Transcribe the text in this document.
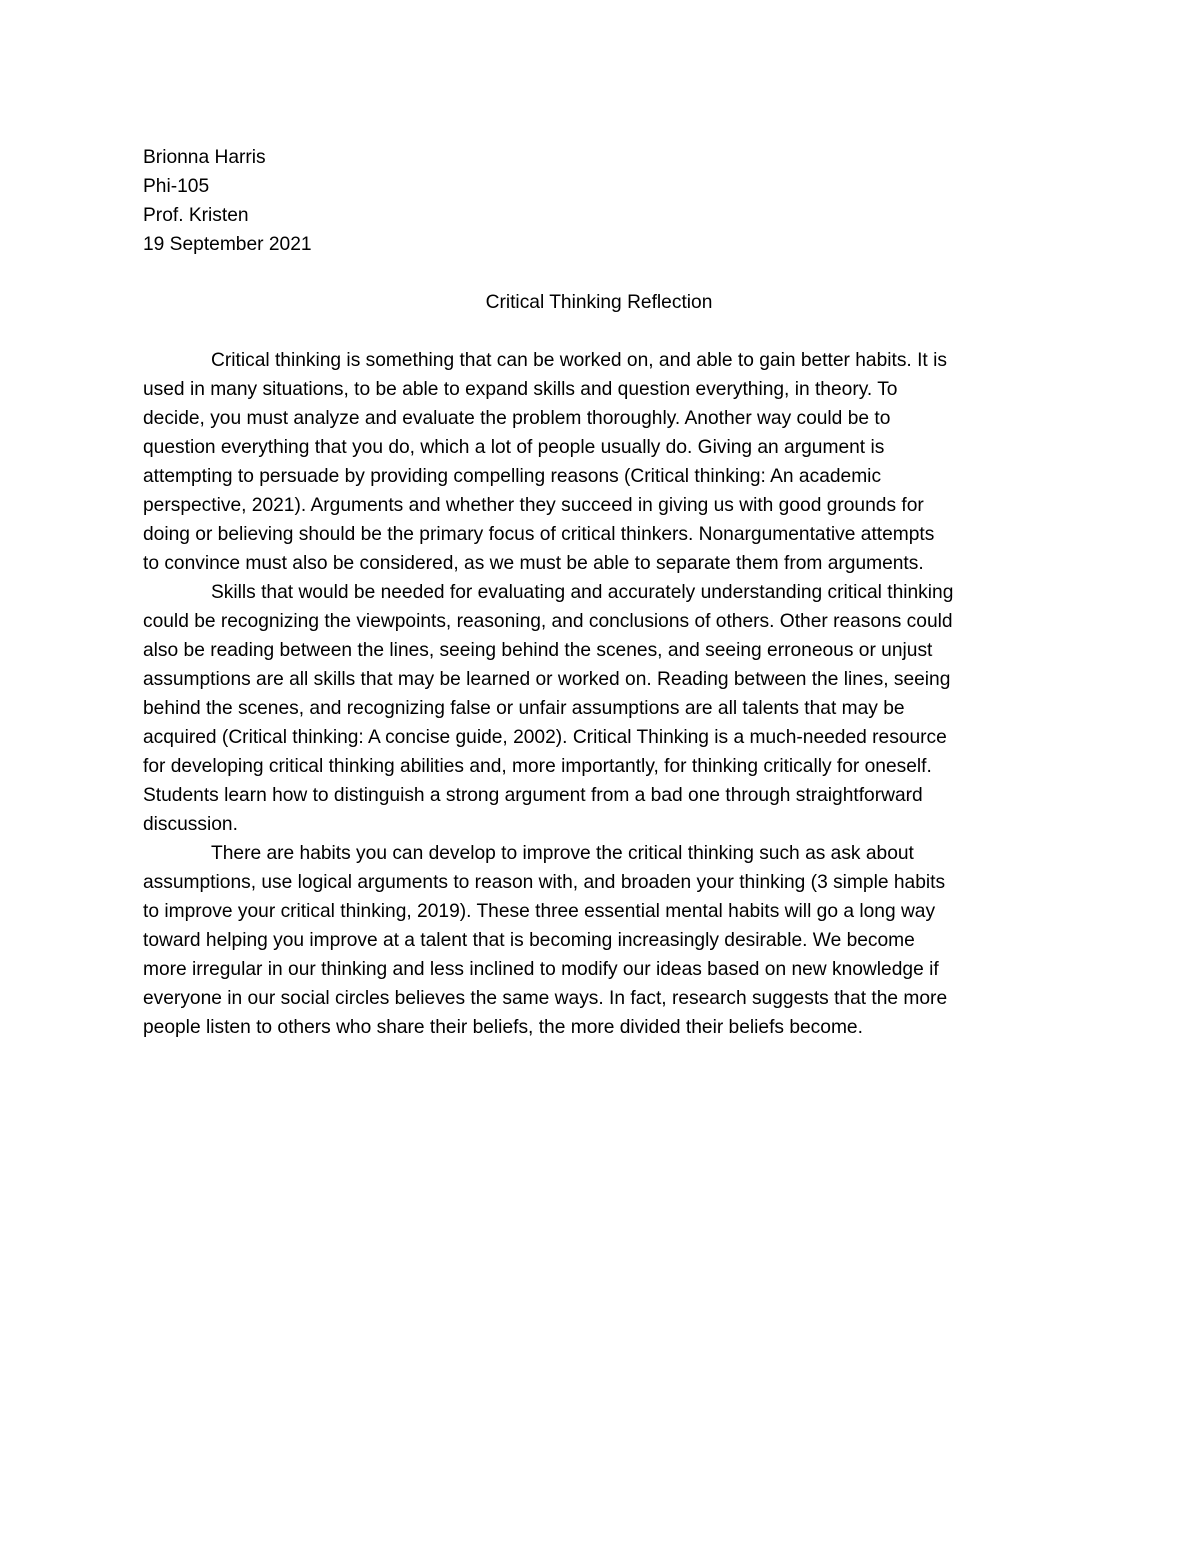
Brionna Harris
Phi-105
Prof. Kristen
19 September 2021
Critical Thinking Reflection
Critical thinking is something that can be worked on, and able to gain better habits. It is
used in many situations, to be able to expand skills and question everything, in theory. To
decide, you must analyze and evaluate the problem thoroughly. Another way could be to
question everything that you do, which a lot of people usually do. Giving an argument is
attempting to persuade by providing compelling reasons (Critical thinking: An academic
perspective, 2021). Arguments and whether they succeed in giving us with good grounds for
doing or believing should be the primary focus of critical thinkers. Nonargumentative attempts
to convince must also be considered, as we must be able to separate them from arguments.
Skills that would be needed for evaluating and accurately understanding critical thinking
could be recognizing the viewpoints, reasoning, and conclusions of others. Other reasons could
also be reading between the lines, seeing behind the scenes, and seeing erroneous or unjust
assumptions are all skills that may be learned or worked on. Reading between the lines, seeing
behind the scenes, and recognizing false or unfair assumptions are all talents that may be
acquired (Critical thinking: A concise guide, 2002). Critical Thinking is a much-needed resource
for developing critical thinking abilities and, more importantly, for thinking critically for oneself.
Students learn how to distinguish a strong argument from a bad one through straightforward
discussion.
There are habits you can develop to improve the critical thinking such as ask about
assumptions, use logical arguments to reason with, and broaden your thinking (3 simple habits
to improve your critical thinking, 2019). These three essential mental habits will go a long way
toward helping you improve at a talent that is becoming increasingly desirable. We become
more irregular in our thinking and less inclined to modify our ideas based on new knowledge if
everyone in our social circles believes the same ways. In fact, research suggests that the more
people listen to others who share their beliefs, the more divided their beliefs become.
